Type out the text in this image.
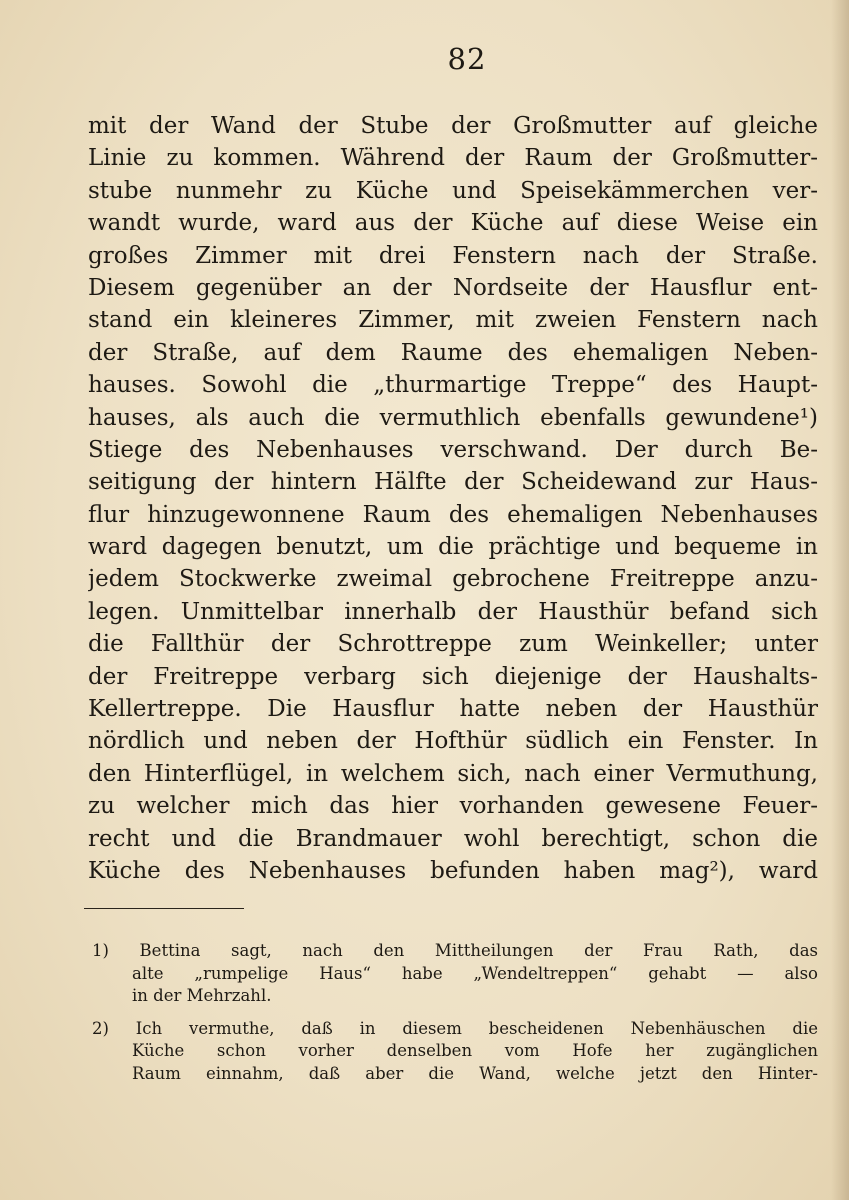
82
mit der Wand der Stube der Großmutter auf gleiche
Linie zu kommen. Während der Raum der Großmutter-
stube nunmehr zu Küche und Speisekämmerchen ver-
wandt wurde, ward aus der Küche auf diese Weise ein
großes Zimmer mit drei Fenstern nach der Straße.
Diesem gegenüber an der Nordseite der Hausflur ent-
stand ein kleineres Zimmer, mit zweien Fenstern nach
der Straße, auf dem Raume des ehemaligen Neben-
hauses. Sowohl die „thurmartige Treppe“ des Haupt-
hauses, als auch die vermuthlich ebenfalls gewundene¹)
Stiege des Nebenhauses verschwand. Der durch Be-
seitigung der hintern Hälfte der Scheidewand zur Haus-
flur hinzugewonnene Raum des ehemaligen Nebenhauses
ward dagegen benutzt, um die prächtige und bequeme in
jedem Stockwerke zweimal gebrochene Freitreppe anzu-
legen. Unmittelbar innerhalb der Hausthür befand sich
die Fallthür der Schrottreppe zum Weinkeller; unter
der Freitreppe verbarg sich diejenige der Haushalts-
Kellertreppe. Die Hausflur hatte neben der Hausthür
nördlich und neben der Hofthür südlich ein Fenster. In
den Hinterflügel, in welchem sich, nach einer Vermuthung,
zu welcher mich das hier vorhanden gewesene Feuer-
recht und die Brandmauer wohl berechtigt, schon die
Küche des Nebenhauses befunden haben mag²), ward
1) Bettina sagt, nach den Mittheilungen der Frau Rath, das
alte „rumpelige Haus“ habe „Wendeltreppen“ gehabt — also
in der Mehrzahl.
2) Ich vermuthe, daß in diesem bescheidenen Nebenhäuschen die
Küche schon vorher denselben vom Hofe her zugänglichen
Raum einnahm, daß aber die Wand, welche jetzt den Hinter-
